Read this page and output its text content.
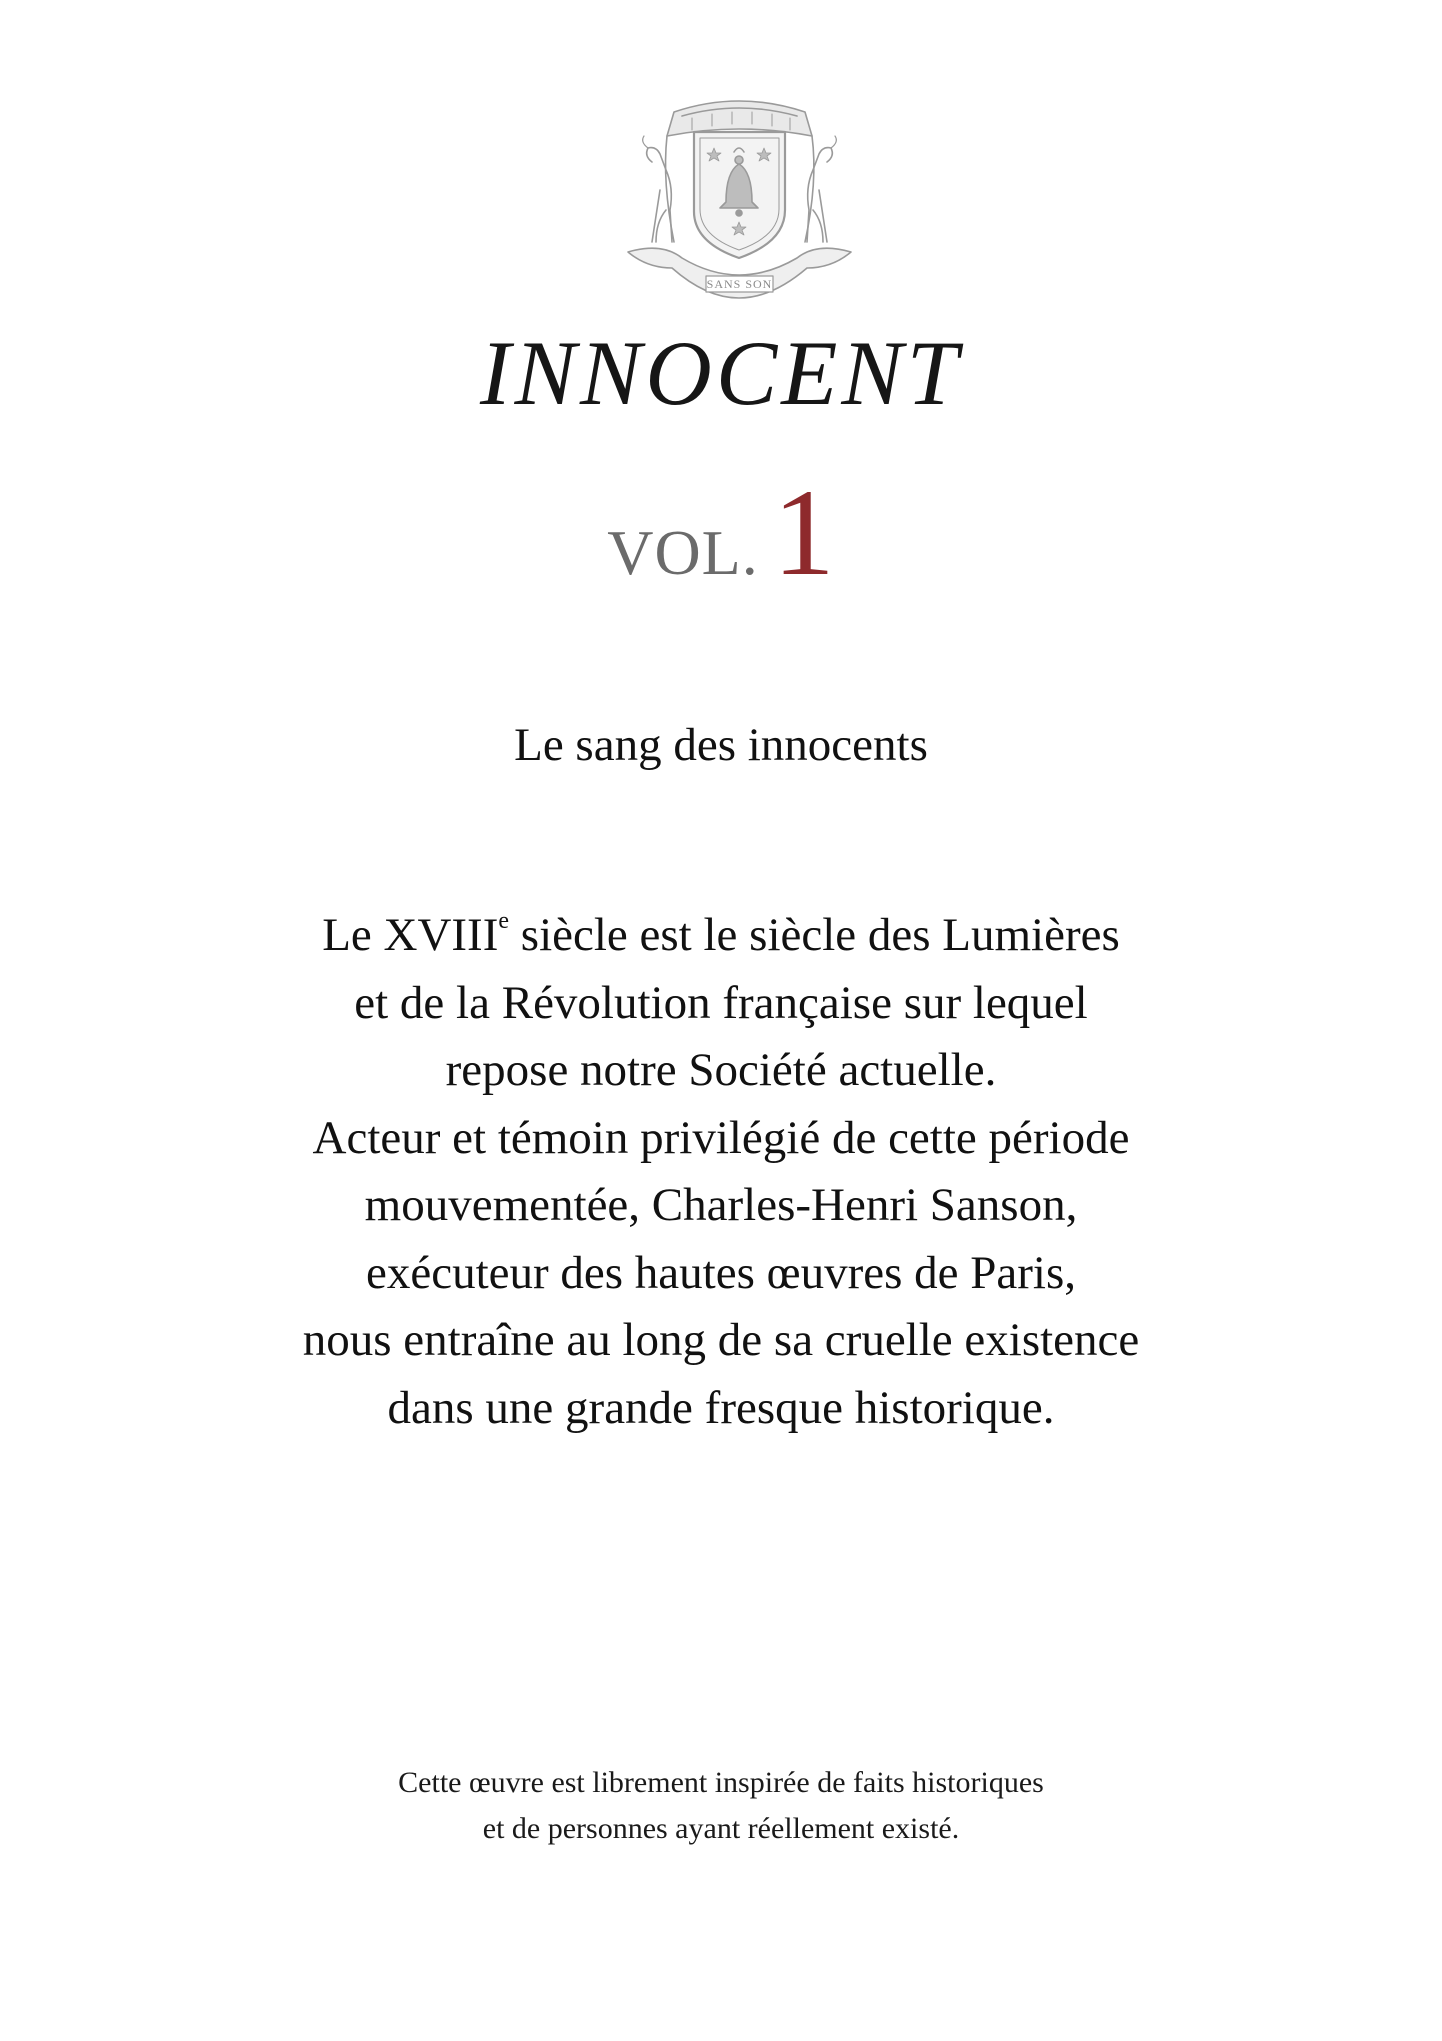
SANS SON
INNOCENT
VOL. 1
Le sang des innocents
Le XVIIIe siècle est le siècle des Lumières
et de la Révolution française sur lequel
repose notre Société actuelle.
Acteur et témoin privilégié de cette période
mouvementée, Charles-Henri Sanson,
exécuteur des hautes œuvres de Paris,
nous entraîne au long de sa cruelle existence
dans une grande fresque historique.
Cette œuvre est librement inspirée de faits historiques
et de personnes ayant réellement existé.
